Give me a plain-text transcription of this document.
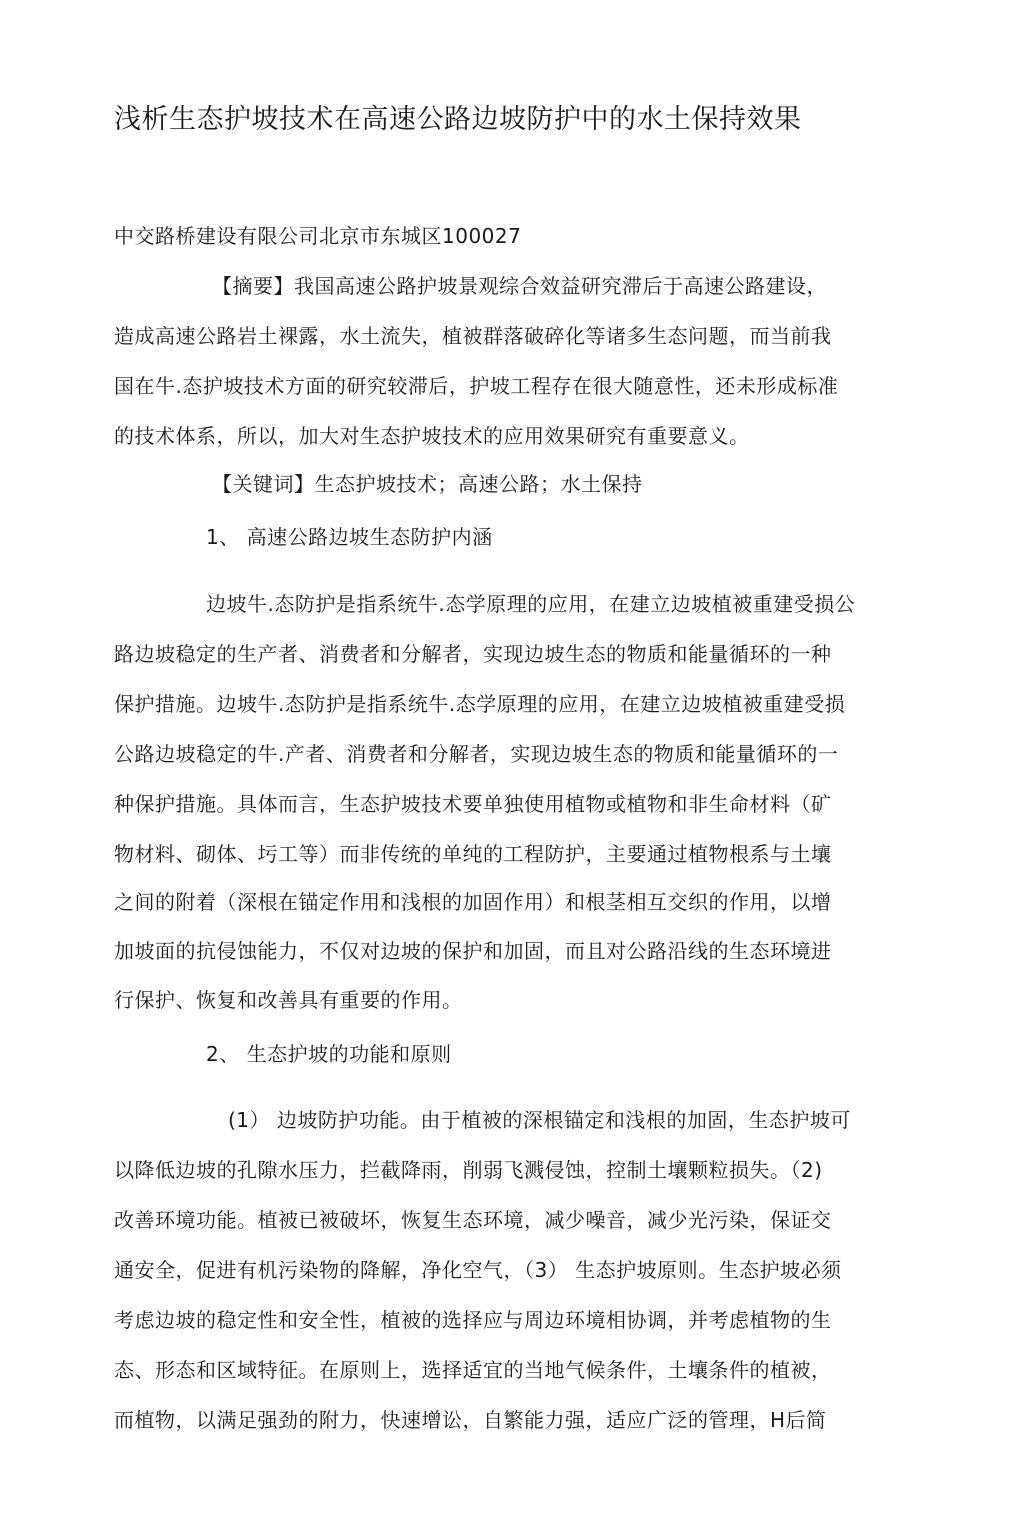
浅析生态护坡技术在高速公路边坡防护中的水土保持效果
中交路桥建设有限公司北京市东城区100027
【摘要】我国高速公路护坡景观综合效益研究滞后于高速公路建设，
造成高速公路岩土裸露，水土流失，植被群落破碎化等诸多生态问题，而当前我
国在牛.态护坡技术方面的研究较滞后，护坡工程存在很大随意性，还未形成标准
的技术体系，所以，加大对生态护坡技术的应用效果研究有重要意义。
【关键词】生态护坡技术；高速公路；水土保持
1、 高速公路边坡生态防护内涵
边坡牛.态防护是指系统牛.态学原理的应用，在建立边坡植被重建受损公
路边坡稳定的生产者、消费者和分解者，实现边坡生态的物质和能量循环的一种
保护措施。边坡牛.态防护是指系统牛.态学原理的应用，在建立边坡植被重建受损
公路边坡稳定的牛.产者、消费者和分解者，实现边坡生态的物质和能量循环的一
种保护措施。具体而言，生态护坡技术要单独使用植物或植物和非生命材料（矿
物材料、砌体、圬工等）而非传统的单纯的工程防护，主要通过植物根系与土壤
之间的附着（深根在锚定作用和浅根的加固作用）和根茎相互交织的作用，以增
加坡面的抗侵蚀能力，不仅对边坡的保护和加固，而且对公路沿线的生态环境进
行保护、恢复和改善具有重要的作用。
2、 生态护坡的功能和原则
(1） 边坡防护功能。由于植被的深根锚定和浅根的加固，生态护坡可
以降低边坡的孔隙水压力，拦截降雨，削弱飞溅侵蚀，控制土壤颗粒损失。（2)
改善环境功能。植被已被破坏，恢复生态环境，减少噪音，减少光污染，保证交
通安全，促进有机污染物的降解，净化空气，（3） 生态护坡原则。生态护坡必须
考虑边坡的稳定性和安全性，植被的选择应与周边环境相协调，并考虑植物的生
态、形态和区域特征。在原则上，选择适宜的当地气候条件，土壤条件的植被，
而植物，以满足强劲的附力，快速增讼，自繁能力强，适应广泛的管理，H后简
